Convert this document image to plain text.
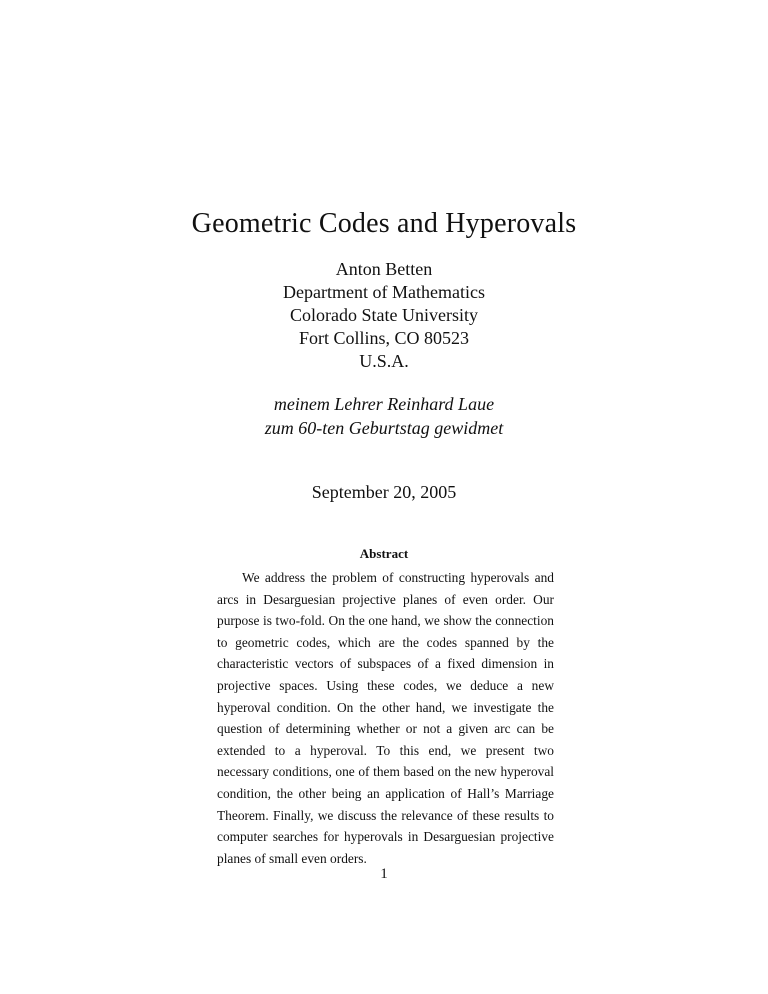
Geometric Codes and Hyperovals
Anton Betten
Department of Mathematics
Colorado State University
Fort Collins, CO 80523
U.S.A.
meinem Lehrer Reinhard Laue
zum 60-ten Geburtstag gewidmet
September 20, 2005
Abstract
We address the problem of constructing hyperovals and arcs in Desarguesian projective planes of even order. Our purpose is two-fold. On the one hand, we show the connection to geometric codes, which are the codes spanned by the characteristic vectors of subspaces of a fixed dimension in projective spaces. Using these codes, we deduce a new hyperoval condition. On the other hand, we investigate the question of determining whether or not a given arc can be extended to a hyperoval. To this end, we present two necessary conditions, one of them based on the new hyperoval condition, the other being an application of Hall’s Marriage Theorem. Finally, we discuss the relevance of these results to computer searches for hyperovals in Desarguesian projective planes of small even orders.
1
